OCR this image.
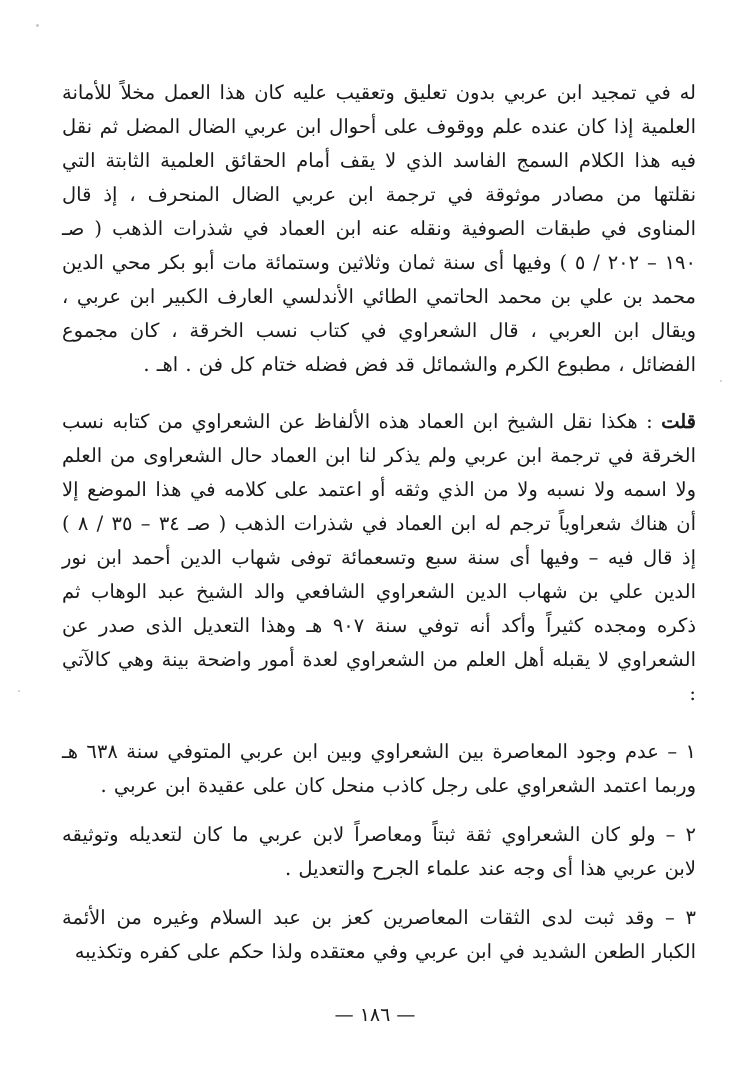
له في تمجيد ابن عربي بدون تعليق وتعقيب عليه كان هذا العمل مخلاً للأمانة العلمية إذا كان عنده علم ووقوف على أحوال ابن عربي الضال المضل ثم نقل فيه هذا الكلام السمج الفاسد الذي لا يقف أمام الحقائق العلمية الثابتة التي نقلتها من مصادر موثوقة في ترجمة ابن عربي الضال المنحرف ، إذ قال المناوى في طبقات الصوفية ونقله عنه ابن العماد في شذرات الذهب ( صـ ١٩٠ – ٢٠٢ / ٥ ) وفيها أى سنة ثمان وثلاثين وستمائة مات أبو بكر محي الدين محمد بن علي بن محمد الحاتمي الطائي الأندلسي العارف الكبير ابن عربي ، ويقال ابن العربي ، قال الشعراوي في كتاب نسب الخرقة ، كان مجموع الفضائل ، مطبوع الكرم والشمائل قد فض فضله ختام كل فن . اهـ .
قلت : هكذا نقل الشيخ ابن العماد هذه الألفاظ عن الشعراوي من كتابه نسب الخرقة في ترجمة ابن عربي ولم يذكر لنا ابن العماد حال الشعراوى من العلم ولا اسمه ولا نسبه ولا من الذي وثقه أو اعتمد على كلامه في هذا الموضع إلا أن هناك شعراوياً ترجم له ابن العماد في شذرات الذهب ( صـ ٣٤ – ٣٥ / ٨ ) إذ قال فيه – وفيها أى سنة سبع وتسعمائة توفى شهاب الدين أحمد ابن نور الدين علي بن شهاب الدين الشعراوي الشافعي والد الشيخ عبد الوهاب ثم ذكره ومجده كثيراً وأكد أنه توفي سنة ٩٠٧ هـ وهذا التعديل الذى صدر عن الشعراوي لا يقبله أهل العلم من الشعراوي لعدة أمور واضحة بينة وهي كالآتي :
١ – عدم وجود المعاصرة بين الشعراوي وبين ابن عربي المتوفي سنة ٦٣٨ هـ وربما اعتمد الشعراوي على رجل كاذب منحل كان على عقيدة ابن عربي .
٢ – ولو كان الشعراوي ثقة ثبتاً ومعاصراً لابن عربي ما كان لتعديله وتوثيقه لابن عربي هذا أى وجه عند علماء الجرح والتعديل .
٣ – وقد ثبت لدى الثقات المعاصرين كعز بن عبد السلام وغيره من الأئمة الكبار الطعن الشديد في ابن عربي وفي معتقده ولذا حكم على كفره وتكذيبه
— ١٨٦ —
